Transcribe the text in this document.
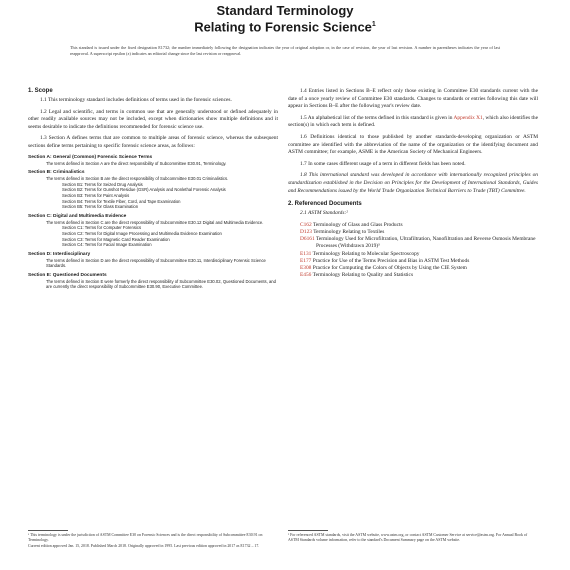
Standard Terminology
Relating to Forensic Science$^1$
This standard is issued under the fixed designation E1732; the number immediately following the designation indicates the year of original adoption or, in the case of revision, the year of last revision. A number in parentheses indicates the year of last reapproval. A superscript epsilon (ε) indicates an editorial change since the last revision or reapproval.
1. Scope

1.1 This terminology standard includes definitions of terms used in the forensic sciences.

1.2 Legal and scientific, and terms in common use that are generally understood or defined adequately in other readily available sources may not be included, except when dictionaries show multiple definitions and it seems desirable to indicate the definitions recommended for forensic science use.

1.3 Section A defines terms that are common to multiple areas of forensic science, whereas the subsequent sections define terms pertaining to specific forensic science areas, as follows:

Section A: General (Common) Forensic Science Terms
The terms defined in Section A are the direct responsibility of Subcommittee E30.91, Terminology.
Section B: Criminalistics
The terms defined in Section B are the direct responsibility of Subcommittee E30.01 Criminalistics.
Section B1: Terms for Seized Drug Analysis
Section B2: Terms for Gunshot Residue (GSR) Analysis and Nonlethal Forensic Analysis
Section B3: Terms for Paint Analysis
Section B4: Terms for Textile Fiber, Cord, and Tape Examination
Section B5: Terms for Glass Examination
Section C: Digital and Multimedia Evidence
The terms defined in Section C are the direct responsibility of Subcommittee E30.12 Digital and Multimedia Evidence.
Section C1: Terms for Computer Forensics
Section C2: Terms for Digital Image Processing and Multimedia Evidence Examination
Section C3: Terms for Magnetic Card Reader Examination
Section C4: Terms for Facial Image Examination
Section D: Interdisciplinary
The terms defined in Section D are the direct responsibility of Subcommittee E30.11, Interdisciplinary Forensic Science Standards.
Section E: Questioned Documents
The terms defined in Section E were formerly the direct responsibility of Subcommittee E30.02, Questioned Documents, and are currently the direct responsibility of Subcommittee E30.90, Executive Committee.

1.4 Entries listed in Sections B–E reflect only those existing in Committee E30 standards current with the date of a once yearly review of Committee E30 standards. Changes to standards or entries following this date will appear in Sections B–E after the following year's review date.

1.5 An alphabetical list of the terms defined in this standard is given in Appendix X1, which also identifies the section(s) in which each term is defined.

1.6 Definitions identical to those published by another standards-developing organization or ASTM committee are identified with the abbreviation of the name of the organization or the identifying document and ASTM committee; for example, ASME is the American Society of Mechanical Engineers.

1.7 In some cases different usage of a term in different fields has been noted.

1.8 This international standard was developed in accordance with internationally recognized principles on standardization established in the Decision on Principles for the Development of International Standards, Guides and Recommendations issued by the World Trade Organization Technical Barriers to Trade (TBT) Committee.

2. Referenced Documents
2.1 ASTM Standards:²
C162 Terminology of Glass and Glass Products
D123 Terminology Relating to Textiles
D6161 Terminology Used for Microfiltration, Ultrafiltration, Nanofiltration and Reverse Osmosis Membrane Processes (Withdrawn 2019)³
E131 Terminology Relating to Molecular Spectroscopy
E177 Practice for Use of the Terms Precision and Bias in ASTM Test Methods
E308 Practice for Computing the Colors of Objects by Using the CIE System
E456 Terminology Relating to Quality and Statistics
¹ This terminology is under the jurisdiction of ASTM Committee E30 on Forensic Sciences and is the direct responsibility of Subcommittee E30.91 on Terminology.
Current edition approved Jan. 15, 2018. Published March 2018. Originally approved in 1995. Last previous edition approved in 2017 as E1732 – 17.
² For referenced ASTM standards, visit the ASTM website, www.astm.org, or contact ASTM Customer Service at service@astm.org. For Annual Book of ASTM Standards volume information, refer to the standard's Document Summary page on the ASTM website.
